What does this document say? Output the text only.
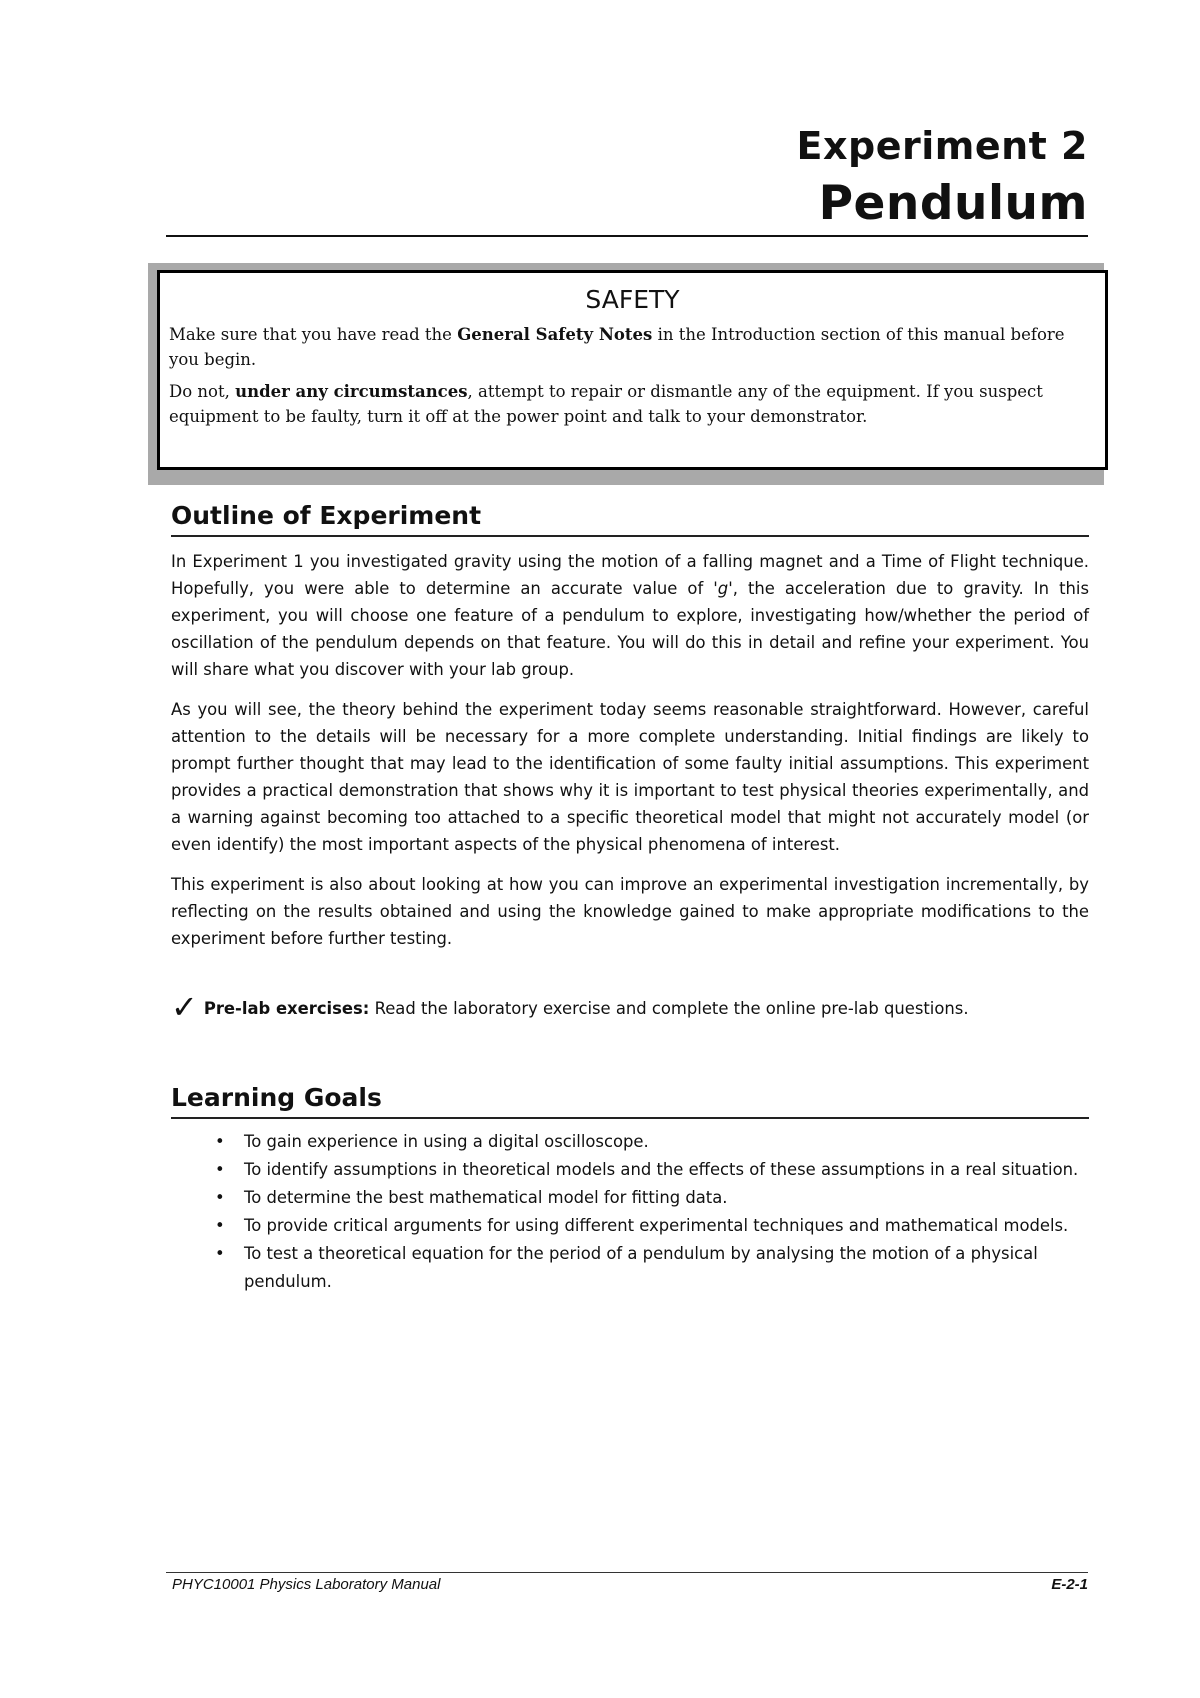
Experiment 2
Pendulum
SAFETY

Make sure that you have read the General Safety Notes in the Introduction section of this manual before you begin.

Do not, under any circumstances, attempt to repair or dismantle any of the equipment. If you suspect equipment to be faulty, turn it off at the power point and talk to your demonstrator.

Outline of Experiment

In Experiment 1 you investigated gravity using the motion of a falling magnet and a Time of Flight technique. Hopefully, you were able to determine an accurate value of 'g', the acceleration due to gravity. In this experiment, you will choose one feature of a pendulum to explore, investigating how/whether the period of oscillation of the pendulum depends on that feature. You will do this in detail and refine your experiment. You will share what you discover with your lab group.

As you will see, the theory behind the experiment today seems reasonable straightforward. However, careful attention to the details will be necessary for a more complete understanding. Initial findings are likely to prompt further thought that may lead to the identification of some faulty initial assumptions. This experiment provides a practical demonstration that shows why it is important to test physical theories experimentally, and a warning against becoming too attached to a specific theoretical model that might not accurately model (or even identify) the most important aspects of the physical phenomena of interest.

This experiment is also about looking at how you can improve an experimental investigation incrementally, by reflecting on the results obtained and using the knowledge gained to make appropriate modifications to the experiment before further testing.

✓ Pre-lab exercises: Read the laboratory exercise and complete the online pre-lab questions.
Learning Goals
• To gain experience in using a digital oscilloscope.
• To identify assumptions in theoretical models and the effects of these assumptions in a real situation.
• To determine the best mathematical model for fitting data.
• To provide critical arguments for using different experimental techniques and mathematical models.
• To test a theoretical equation for the period of a pendulum by analysing the motion of a physical pendulum.
PHYC10001 Physics Laboratory Manual	E-2-1
